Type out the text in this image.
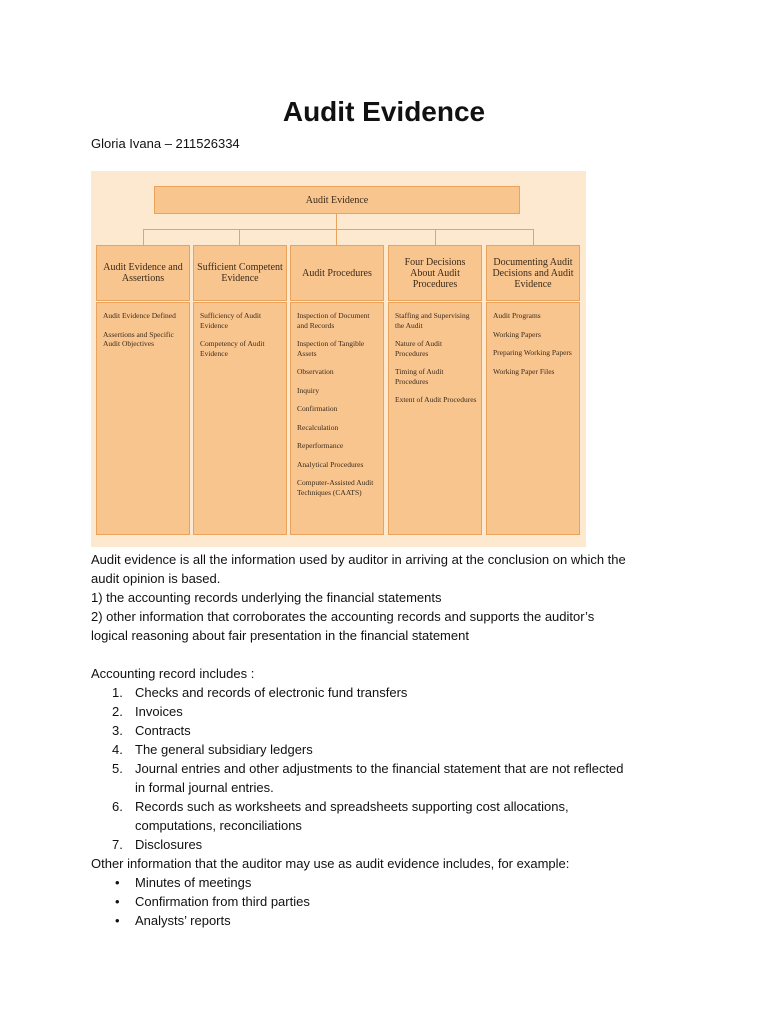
Audit Evidence
Gloria Ivana – 211526334
Audit Evidence
Audit Evidence and Assertions
Audit Evidence Defined
Assertions and Specific Audit Objectives
Sufficient Competent Evidence
Sufficiency of Audit Evidence
Competency of Audit Evidence
Audit Procedures
Inspection of Document and Records
Inspection of Tangible Assets
Observation
Inquiry
Confirmation
Recalculation
Reperformance
Analytical Procedures
Computer-Assisted Audit Techniques (CAATS)
Four Decisions About Audit Procedures
Staffing and Supervising the Audit
Nature of Audit Procedures
Timing of Audit Procedures
Extent of Audit Procedures
Documenting Audit Decisions and Audit Evidence
Audit Programs
Working Papers
Preparing Working Papers
Working Paper Files
Audit evidence is all the information used by auditor in arriving at the conclusion on which the
audit opinion is based.
1) the accounting records underlying the financial statements
2) other information that corroborates the accounting records and supports the auditor’s
logical reasoning about fair presentation in the financial statement
Accounting record includes :
1. Checks and records of electronic fund transfers
2. Invoices
3. Contracts
4. The general subsidiary ledgers
5. Journal entries and other adjustments to the financial statement that are not reflected
in formal journal entries.
6. Records such as worksheets and spreadsheets supporting cost allocations,
computations, reconciliations
7. Disclosures
Other information that the auditor may use as audit evidence includes, for example:
• Minutes of meetings
• Confirmation from third parties
• Analysts’ reports
